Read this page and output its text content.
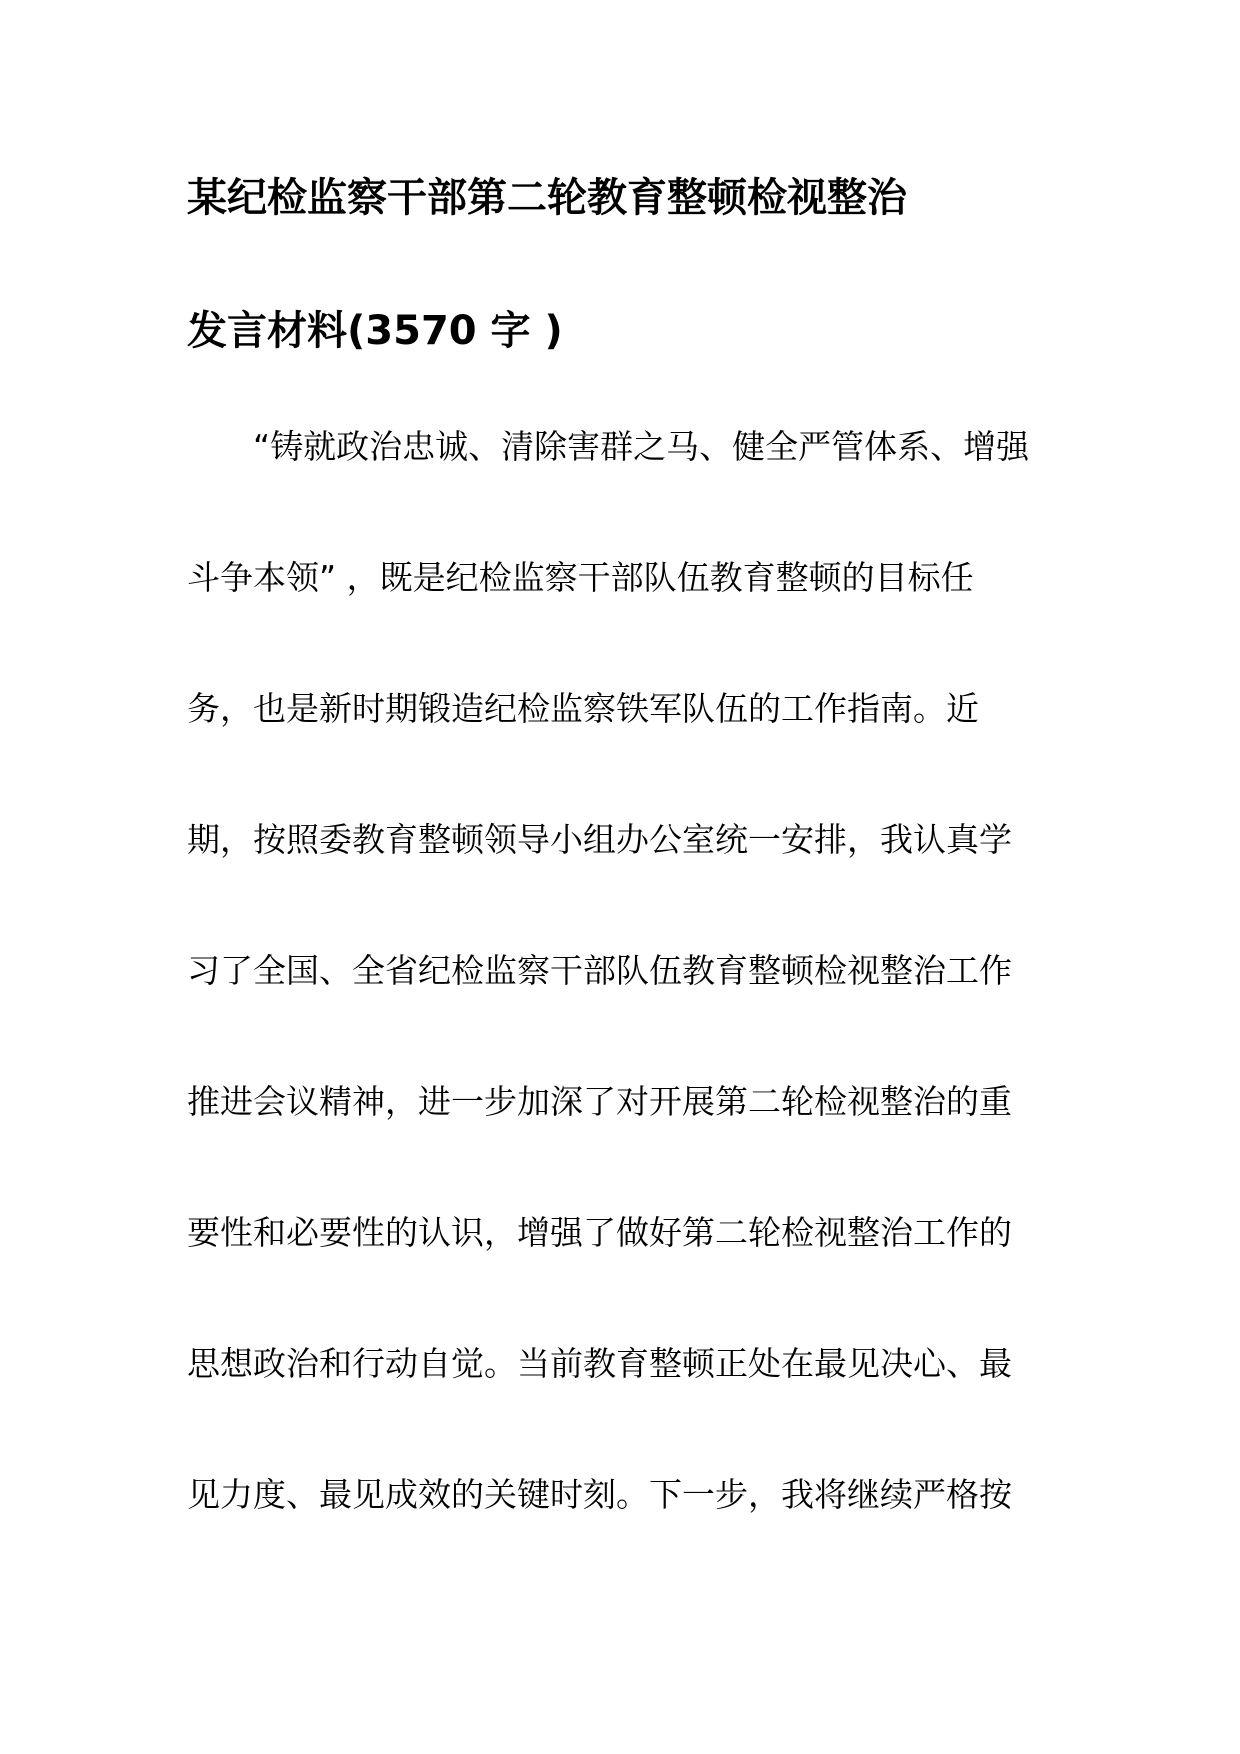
某纪检监察干部第二轮教育整顿检视整治
发言材料(3570 字 )
“铸就政治忠诚、清除害群之马、健全严管体系、增强
斗争本领” ，既是纪检监察干部队伍教育整顿的目标任
务，也是新时期锻造纪检监察铁军队伍的工作指南。近
期，按照委教育整顿领导小组办公室统一安排，我认真学
习了全国、全省纪检监察干部队伍教育整顿检视整治工作
推进会议精神，进一步加深了对开展第二轮检视整治的重
要性和必要性的认识，增强了做好第二轮检视整治工作的
思想政治和行动自觉。当前教育整顿正处在最见决心、最
见力度、最见成效的关键时刻。下一步，我将继续严格按
